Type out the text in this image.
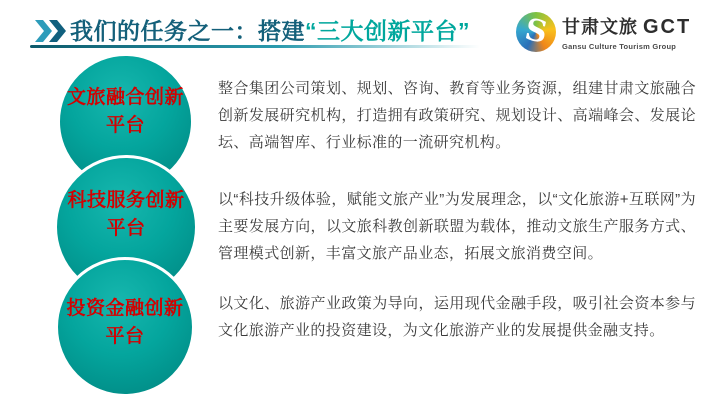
我们的任务之一：搭建“三大创新平台”	S 甘肃文旅 GCT
Gansu Culture Tourism Group
文旅融合创新平台
科技服务创新平台
投资金融创新平台
整合集团公司策划、规划、咨询、教育等业务资源，组建甘肃文旅融合创新发展研究机构，打造拥有政策研究、规划设计、高端峰会、发展论坛、高端智库、行业标准的一流研究机构。
以“科技升级体验，赋能文旅产业”为发展理念，以“文化旅游+互联网”为主要发展方向，以文旅科教创新联盟为载体，推动文旅生产服务方式、管理模式创新，丰富文旅产品业态，拓展文旅消费空间。
以文化、旅游产业政策为导向，运用现代金融手段，吸引社会资本参与文化旅游产业的投资建设，为文化旅游产业的发展提供金融支持。
